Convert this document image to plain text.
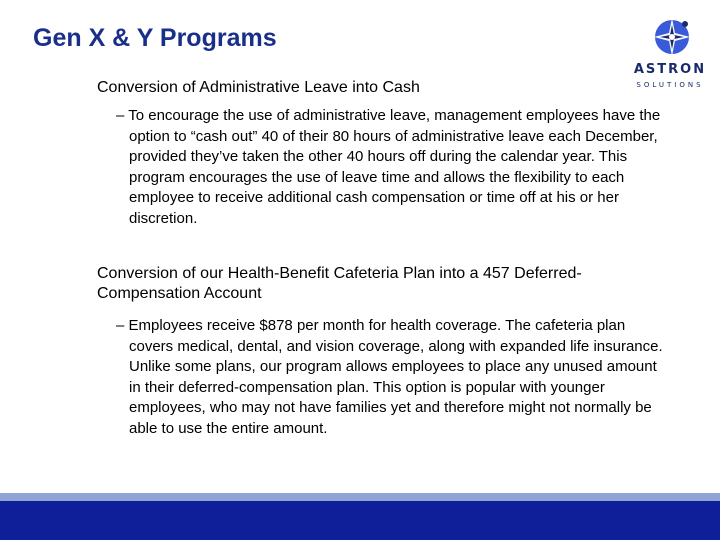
Gen X & Y Programs
ASTRON
SOLUTIONS
Conversion of Administrative Leave into Cash
– To encourage the use of administrative leave, management employees have the option to “cash out” 40 of their 80 hours of administrative leave each December, provided they’ve taken the other 40 hours off during the calendar year. This program encourages the use of leave time and allows the flexibility to each employee to receive additional cash compensation or time off at his or her discretion.
Conversion of our Health-Benefit Cafeteria Plan into a 457 Deferred-Compensation Account
– Employees receive $878 per month for health coverage. The cafeteria plan covers medical, dental, and vision coverage, along with expanded life insurance. Unlike some plans, our program allows employees to place any unused amount in their deferred-compensation plan. This option is popular with younger employees, who may not have families yet and therefore might not normally be able to use the entire amount.
